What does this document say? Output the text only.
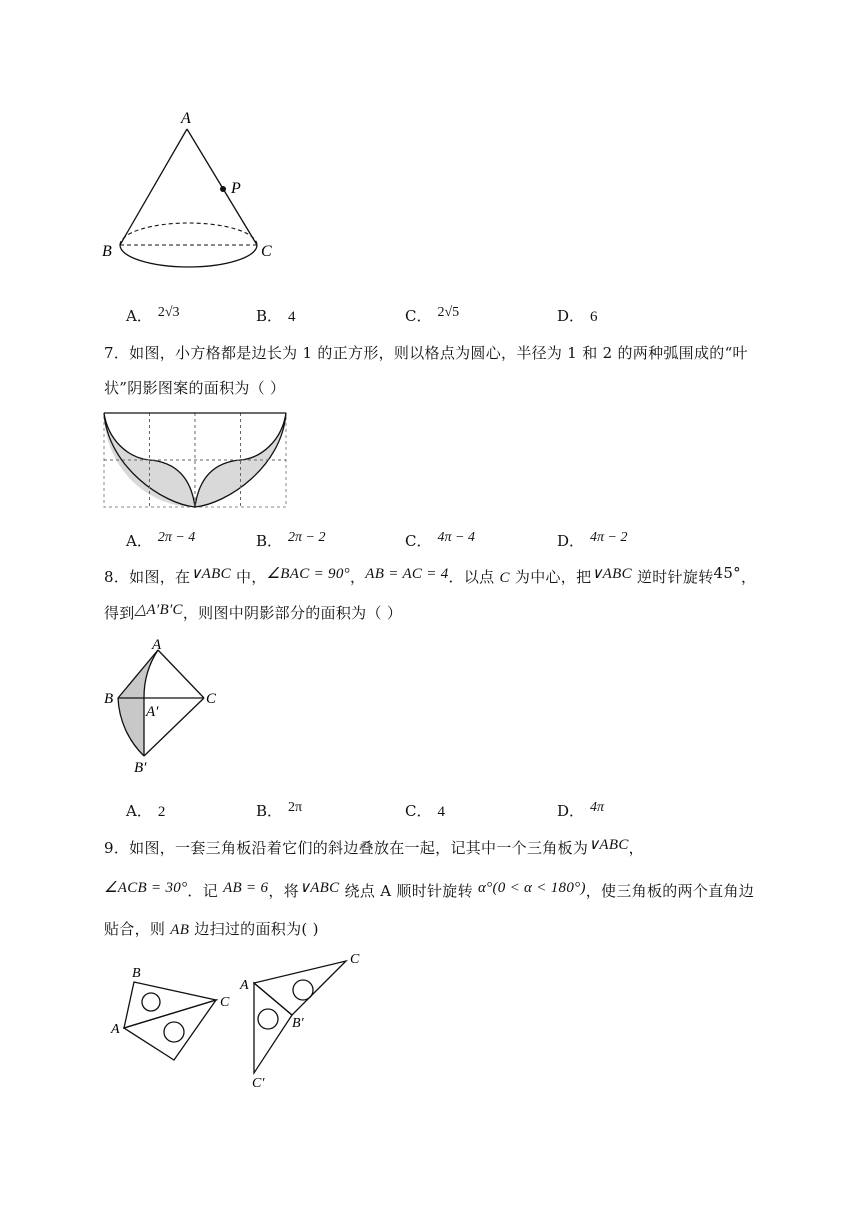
A
P
B	C
A． 2√3	B． 4	C． 2√5	D． 6
7．如图，小方格都是边长为 1 的正方形，则以格点为圆心，半径为 1 和 2 的两种弧围成的“叶
状”阴影图案的面积为（ ）
A． 2π − 4	B． 2π − 2	C． 4π − 4	D． 4π − 2
8．如图，在∨ABC 中，∠BAC = 90°，AB = AC = 4．以点 C 为中心，把∨ABC 逆时针旋转45°，
得到△A′B′C，则图中阴影部分的面积为（ ）
A
B	C
A′
B′
A． 2	B． 2π	C． 4	D． 4π
9．如图，一套三角板沿着它们的斜边叠放在一起，记其中一个三角板为∨ABC，
∠ACB = 30°．记 AB = 6，将∨ABC 绕点 A 顺时针旋转 α°(0 < α < 180°)，使三角板的两个直角边
贴合，则 AB 边扫过的面积为( )
B
C
A
C
A
B′
C′
